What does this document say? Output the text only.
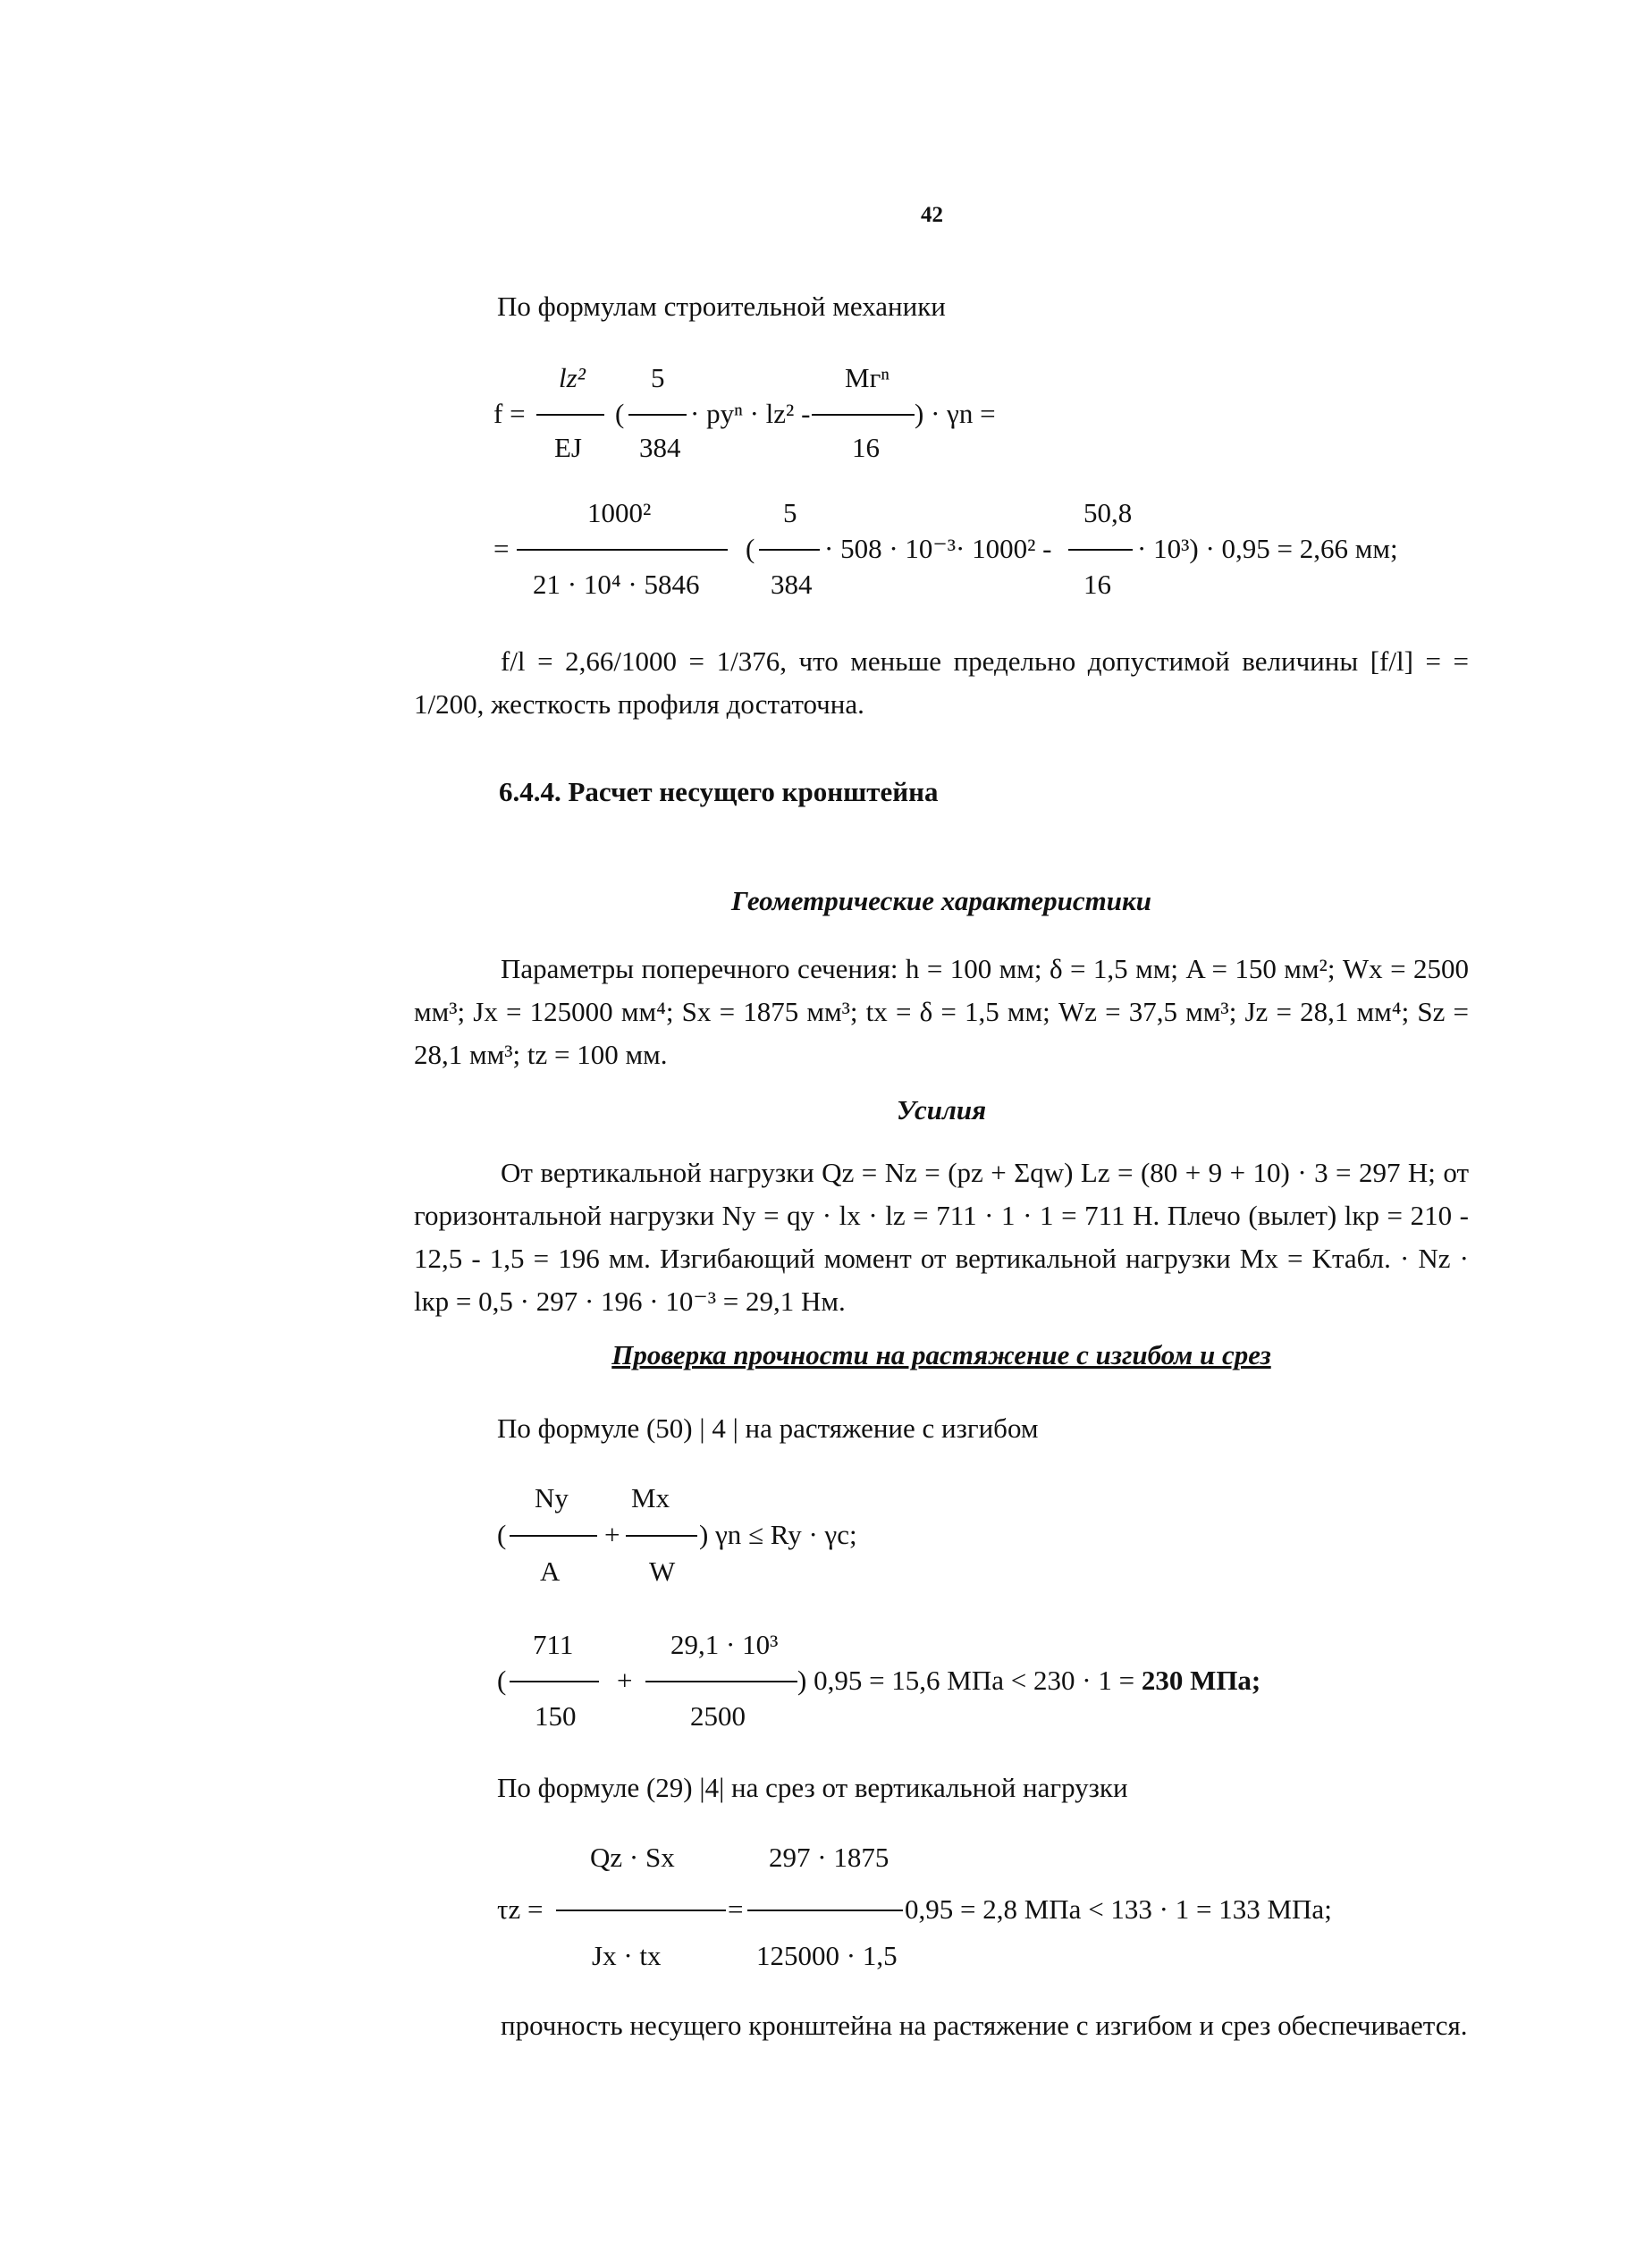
42
По формулам строительной механики
lz²
f =
EJ
(
5
384
· pyⁿ · lz² -
Mгⁿ
16
) · γn =
1000²
=
21 · 10⁴ · 5846
(
5
384
· 508 · 10⁻³· 1000² -
50,8
16
· 10³) · 0,95 = 2,66 мм;
f/l = 2,66/1000 = 1/376, что меньше предельно допустимой величины [f/l] = = 1/200, жесткость профиля достаточна.
6.4.4. Расчет несущего кронштейна
Геометрические характеристики
Параметры поперечного сечения: h = 100 мм; δ = 1,5 мм; A = 150 мм²; Wx = 2500 мм³; Jx = 125000 мм⁴; Sx = 1875 мм³; tx = δ = 1,5 мм; Wz = 37,5 мм³; Jz = 28,1 мм⁴; Sz = 28,1 мм³; tz = 100 мм.
Усилия
От вертикальной нагрузки Qz = Nz = (pz + Σqw) Lz = (80 + 9 + 10) · 3 = 297 Н; от горизонтальной нагрузки Ny = qy · lx · lz = 711 · 1 · 1 = 711 Н. Плечо (вылет) lкр = 210 - 12,5 - 1,5 = 196 мм. Изгибающий момент от вертикальной нагрузки Mx = Kтабл. · Nz · lкр = 0,5 · 297 · 196 · 10⁻³ = 29,1 Нм.
Проверка прочности на растяжение с изгибом и срез
По формуле (50) | 4 | на растяжение с изгибом
Ny Mx
(	+	) γn ≤ Ry · γc;
A	W
711	29,1 · 10³
(	+	) 0,95 = 15,6 МПа < 230 · 1 = 230 МПа;
150	2500
По формуле (29) |4| на срез от вертикальной нагрузки
Qz · Sx	297 · 1875
τz =	=	0,95 = 2,8 МПа < 133 · 1 = 133 МПа;
Jx · tx	125000 · 1,5
прочность несущего кронштейна на растяжение с изгибом и срез обеспечивается.
